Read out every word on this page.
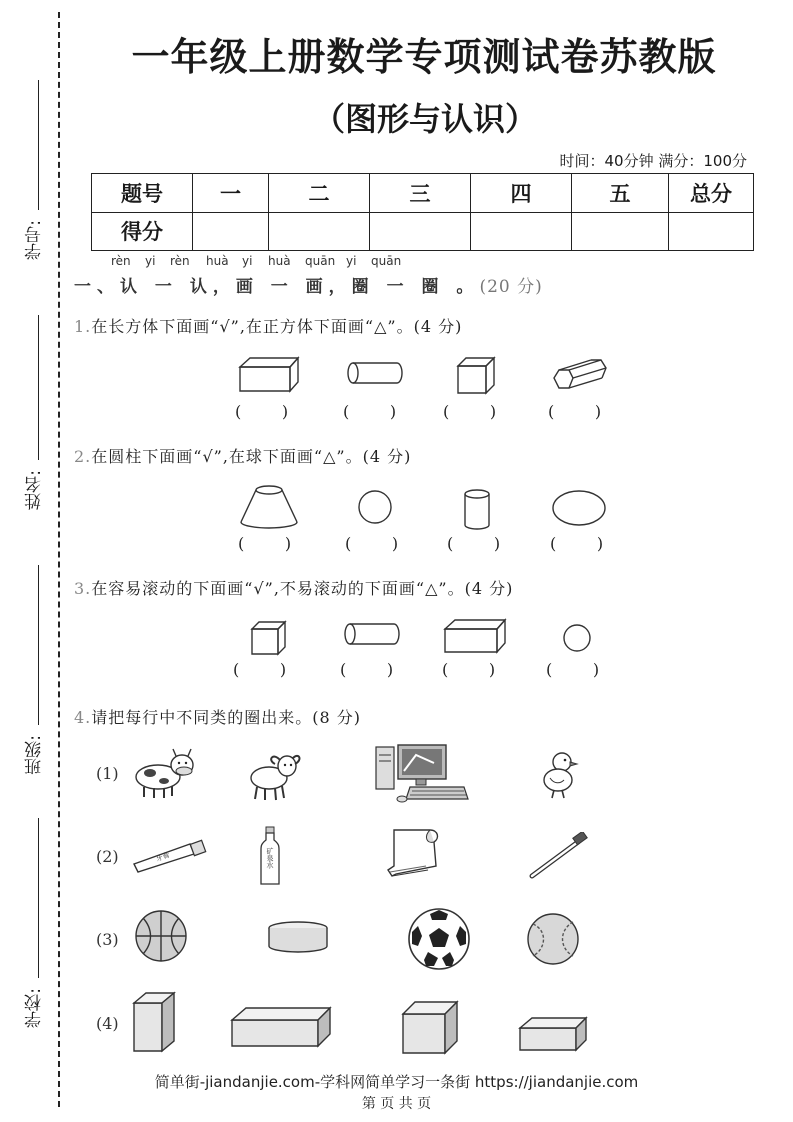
学号:
姓名:
班级:
学校:
一年级上册数学专项测试卷苏教版
（图形与认识）
时间：40分钟 满分：100分
题号	一	二	三	四	五	总分
得分						
rèn yi rèn huà yi huà quān yi quān
一、认 一 认，画 一 画，圈 一 圈 。(20 分)
1.在长方体下面画“√”,在正方体下面画“△”。(4 分)
(        )	(        )	(        )	(        )
2.在圆柱下面画“√”,在球下面画“△”。(4 分)
(        )	(        )	(        )	(        )
3.在容易滚动的下面画“√”,不易滚动的下面画“△”。(4 分)
(        )	(        )	(        )	(        )
4.请把每行中不同类的圈出来。(8 分)
(1)
(2)	牙膏	矿泉水
(3)
(4)
简单街-jiandanjie.com-学科网简单学习一条街 https://jiandanjie.com
第 页 共 页
